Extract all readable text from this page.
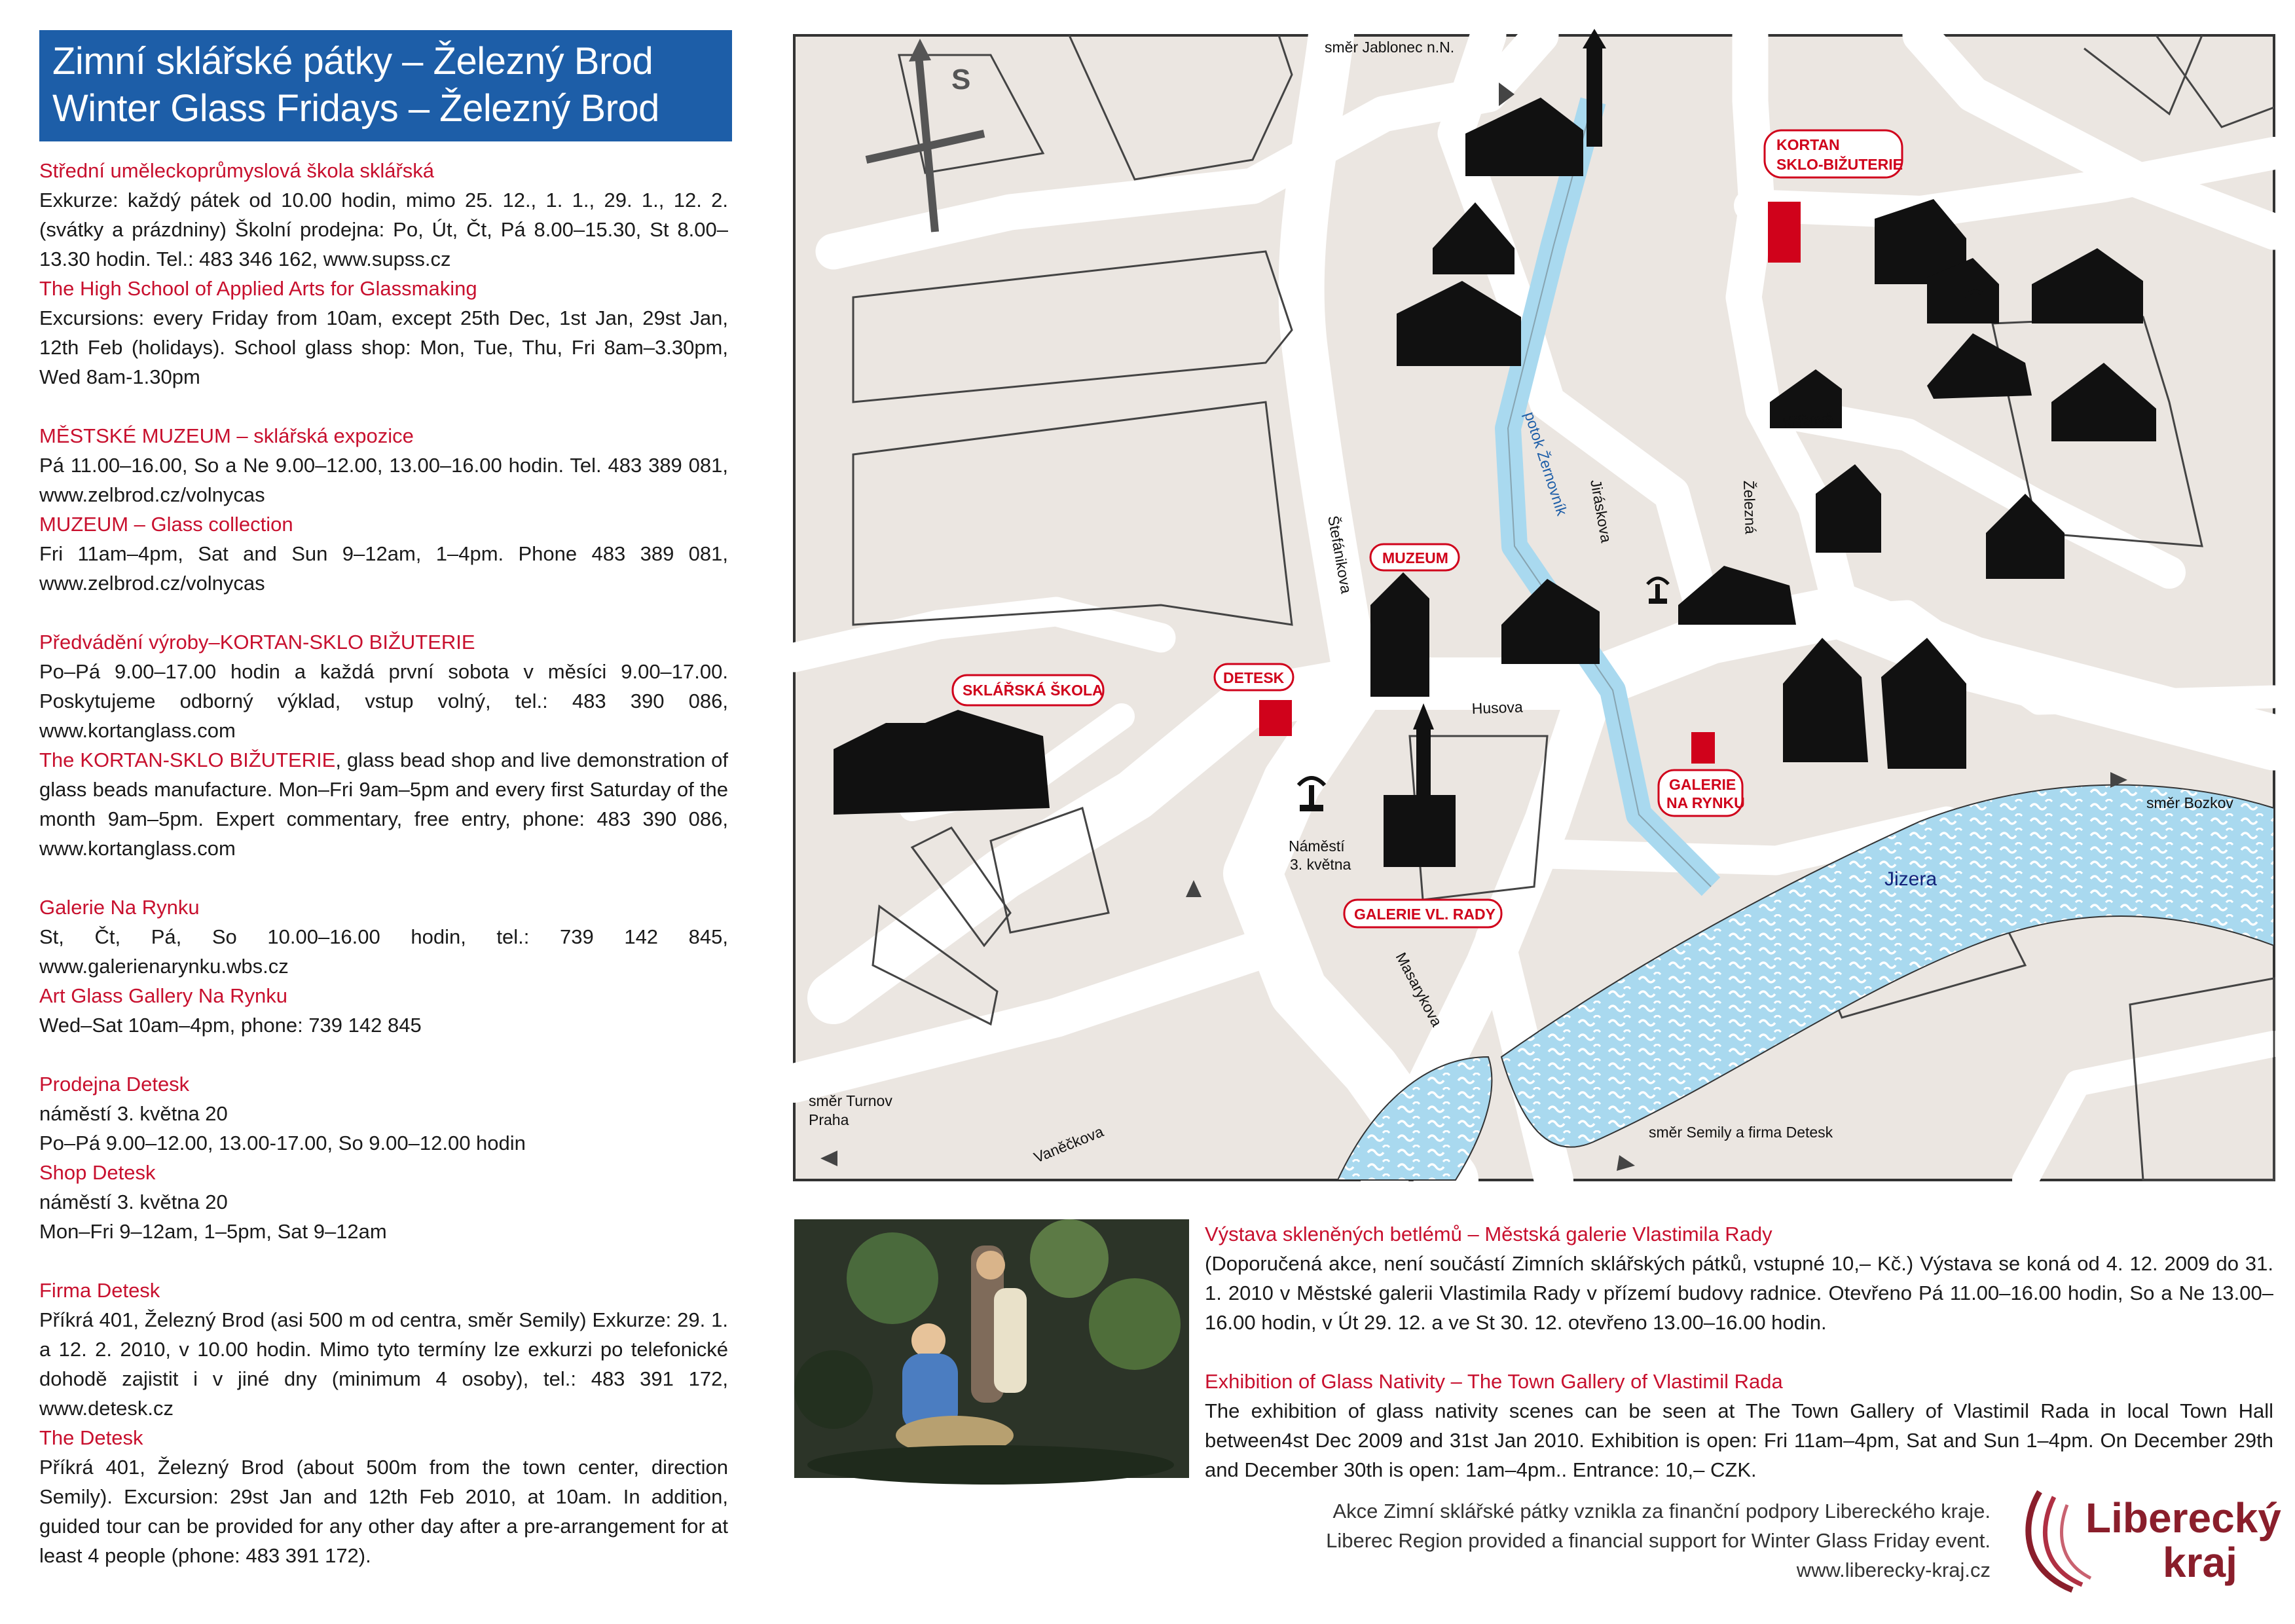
Zimní sklářské pátky – Železný Brod
Winter Glass Fridays – Železný Brod
Střední uměleckoprůmyslová škola sklářská
Exkurze: každý pátek od 10.00 hodin, mimo 25. 12., 1. 1., 29. 1., 12. 2. (svátky a prázdniny) Školní prodejna: Po, Út, Čt, Pá 8.00–15.30, St 8.00–13.30 hodin. Tel.: 483 346 162, www.supss.cz
The High School of Applied Arts for Glassmaking
Excursions: every Friday from 10am, except 25th Dec, 1st Jan, 29st Jan, 12th Feb (holidays). School glass shop: Mon, Tue, Thu, Fri 8am–3.30pm, Wed 8am-1.30pm
MĚSTSKÉ MUZEUM – sklářská expozice
Pá 11.00–16.00, So a Ne 9.00–12.00, 13.00–16.00 hodin. Tel. 483 389 081, www.zelbrod.cz/volnycas
MUZEUM – Glass collection
Fri 11am–4pm, Sat and Sun 9–12am, 1–4pm. Phone 483 389 081, www.zelbrod.cz/volnycas
Předvádění výroby–KORTAN-SKLO BIŽUTERIE
Po–Pá 9.00–17.00 hodin a každá první sobota v měsíci 9.00–17.00. Poskytujeme odborný výklad, vstup volný, tel.: 483 390 086, www.kortanglass.com
The KORTAN-SKLO BIŽUTERIE, glass bead shop and live demonstration of glass beads manufacture. Mon–Fri 9am–5pm and every first Saturday of the month 9am–5pm. Expert commentary, free entry, phone: 483 390 086, www.kortanglass.com
Galerie Na Rynku
St, Čt, Pá, So 10.00–16.00 hodin, tel.: 739 142 845, www.galerienarynku.wbs.cz
Art Glass Gallery Na Rynku
Wed–Sat 10am–4pm, phone: 739 142 845
Prodejna Detesk
náměstí 3. května 20
Po–Pá 9.00–12.00, 13.00-17.00, So 9.00–12.00 hodin
Shop Detesk
náměstí 3. května 20
Mon–Fri 9–12am, 1–5pm, Sat 9–12am
Firma Detesk
Příkrá 401, Železný Brod (asi 500 m od centra, směr Semily) Exkurze: 29. 1. a 12. 2. 2010, v 10.00 hodin. Mimo tyto termíny lze exkurzi po telefonické dohodě zajistit i v jiné dny (minimum 4 osoby), tel.: 483 391 172, www.detesk.cz
The Detesk
Příkrá 401, Železný Brod (about 500m from the town center, direction Semily). Excursion: 29st Jan and 12th Feb 2010, at 10am. In addition, guided tour can be provided for any other day after a pre-arrangement for at least 4 people (phone: 483 391 172).
S
směr Jablonec n.N.
směr Bozkov
směr Turnov
Praha
směr Semily a firma Detesk
Štefánikova
potok Žernovník Jiráskova	Železná
Křížová
Husova
Masarykova
Vaněčkova
Náměstí
3. května
Jizera
KORTAN
SKLO-BIŽUTERIE
MUZEUM
SKLÁŘSKÁ ŠKOLA
DETESK
GALERIE
NA RYNKU
GALERIE VL. RADY
Výstava skleněných betlémů – Městská galerie Vlastimila Rady
(Doporučená akce, není součástí Zimních sklářských pátků, vstupné 10,– Kč.) Výstava se koná od 4. 12. 2009 do 31. 1. 2010 v Městské galerii Vlastimila Rady v přízemí budovy radnice. Otevřeno Pá 11.00–16.00 hodin, So a Ne 13.00–16.00 hodin, v Út 29. 12. a ve St 30. 12. otevřeno 13.00–16.00 hodin.
Exhibition of Glass Nativity – The Town Gallery of Vlastimil Rada
The exhibition of glass nativity scenes can be seen at The Town Gallery of Vlastimil Rada in local Town Hall between4st Dec 2009 and 31st Jan 2010. Exhibition is open: Fri 11am–4pm, Sat and Sun 1–4pm. On December 29th and December 30th is open: 1am–4pm.. Entrance: 10,– CZK.
Akce Zimní sklářské pátky vznikla za finanční podpory Libereckého kraje.
Liberec Region provided a financial support for Winter Glass Friday event.
www.liberecky-kraj.cz
Liberecký
kraj
